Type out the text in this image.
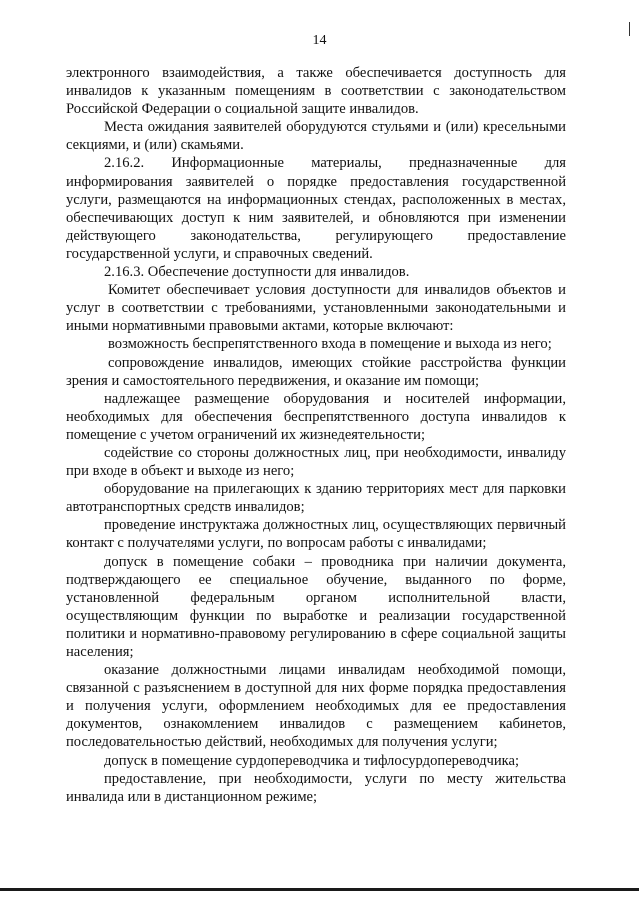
14

электронного взаимодействия, а также обеспечивается доступность для инвалидов к указанным помещениям в соответствии с законодательством Российской Федерации о социальной защите инвалидов.

Места ожидания заявителей оборудуются стульями и (или) кресельными секциями, и (или) скамьями.

2.16.2. Информационные материалы, предназначенные для информирования заявителей о порядке предоставления государственной услуги, размещаются на информационных стендах, расположенных в местах, обеспечивающих доступ к ним заявителей, и обновляются при изменении действующего законодательства, регулирующего предоставление государственной услуги, и справочных сведений.

2.16.3. Обеспечение доступности для инвалидов.

Комитет обеспечивает условия доступности для инвалидов объектов и услуг в соответствии с требованиями, установленными законодательными и иными нормативными правовыми актами, которые включают:

возможность беспрепятственного входа в помещение и выхода из него;

сопровождение инвалидов, имеющих стойкие расстройства функции зрения и самостоятельного передвижения, и оказание им помощи;

надлежащее размещение оборудования и носителей информации, необходимых для обеспечения беспрепятственного доступа инвалидов к помещение с учетом ограничений их жизнедеятельности;

содействие со стороны должностных лиц, при необходимости, инвалиду при входе в объект и выходе из него;

оборудование на прилегающих к зданию территориях мест для парковки автотранспортных средств инвалидов;

проведение инструктажа должностных лиц, осуществляющих первичный контакт с получателями услуги, по вопросам работы с инвалидами;

допуск в помещение собаки – проводника при наличии документа, подтверждающего ее специальное обучение, выданного по форме, установленной федеральным органом исполнительной власти, осуществляющим функции по выработке и реализации государственной политики и нормативно-правовому регулированию в сфере социальной защиты населения;

оказание должностными лицами инвалидам необходимой помощи, связанной с разъяснением в доступной для них форме порядка предоставления и получения услуги, оформлением необходимых для ее предоставления документов, ознакомлением инвалидов с размещением кабинетов, последовательностью действий, необходимых для получения услуги;

допуск в помещение сурдопереводчика и тифлосурдопереводчика;

предоставление, при необходимости, услуги по месту жительства инвалида или в дистанционном режиме;
